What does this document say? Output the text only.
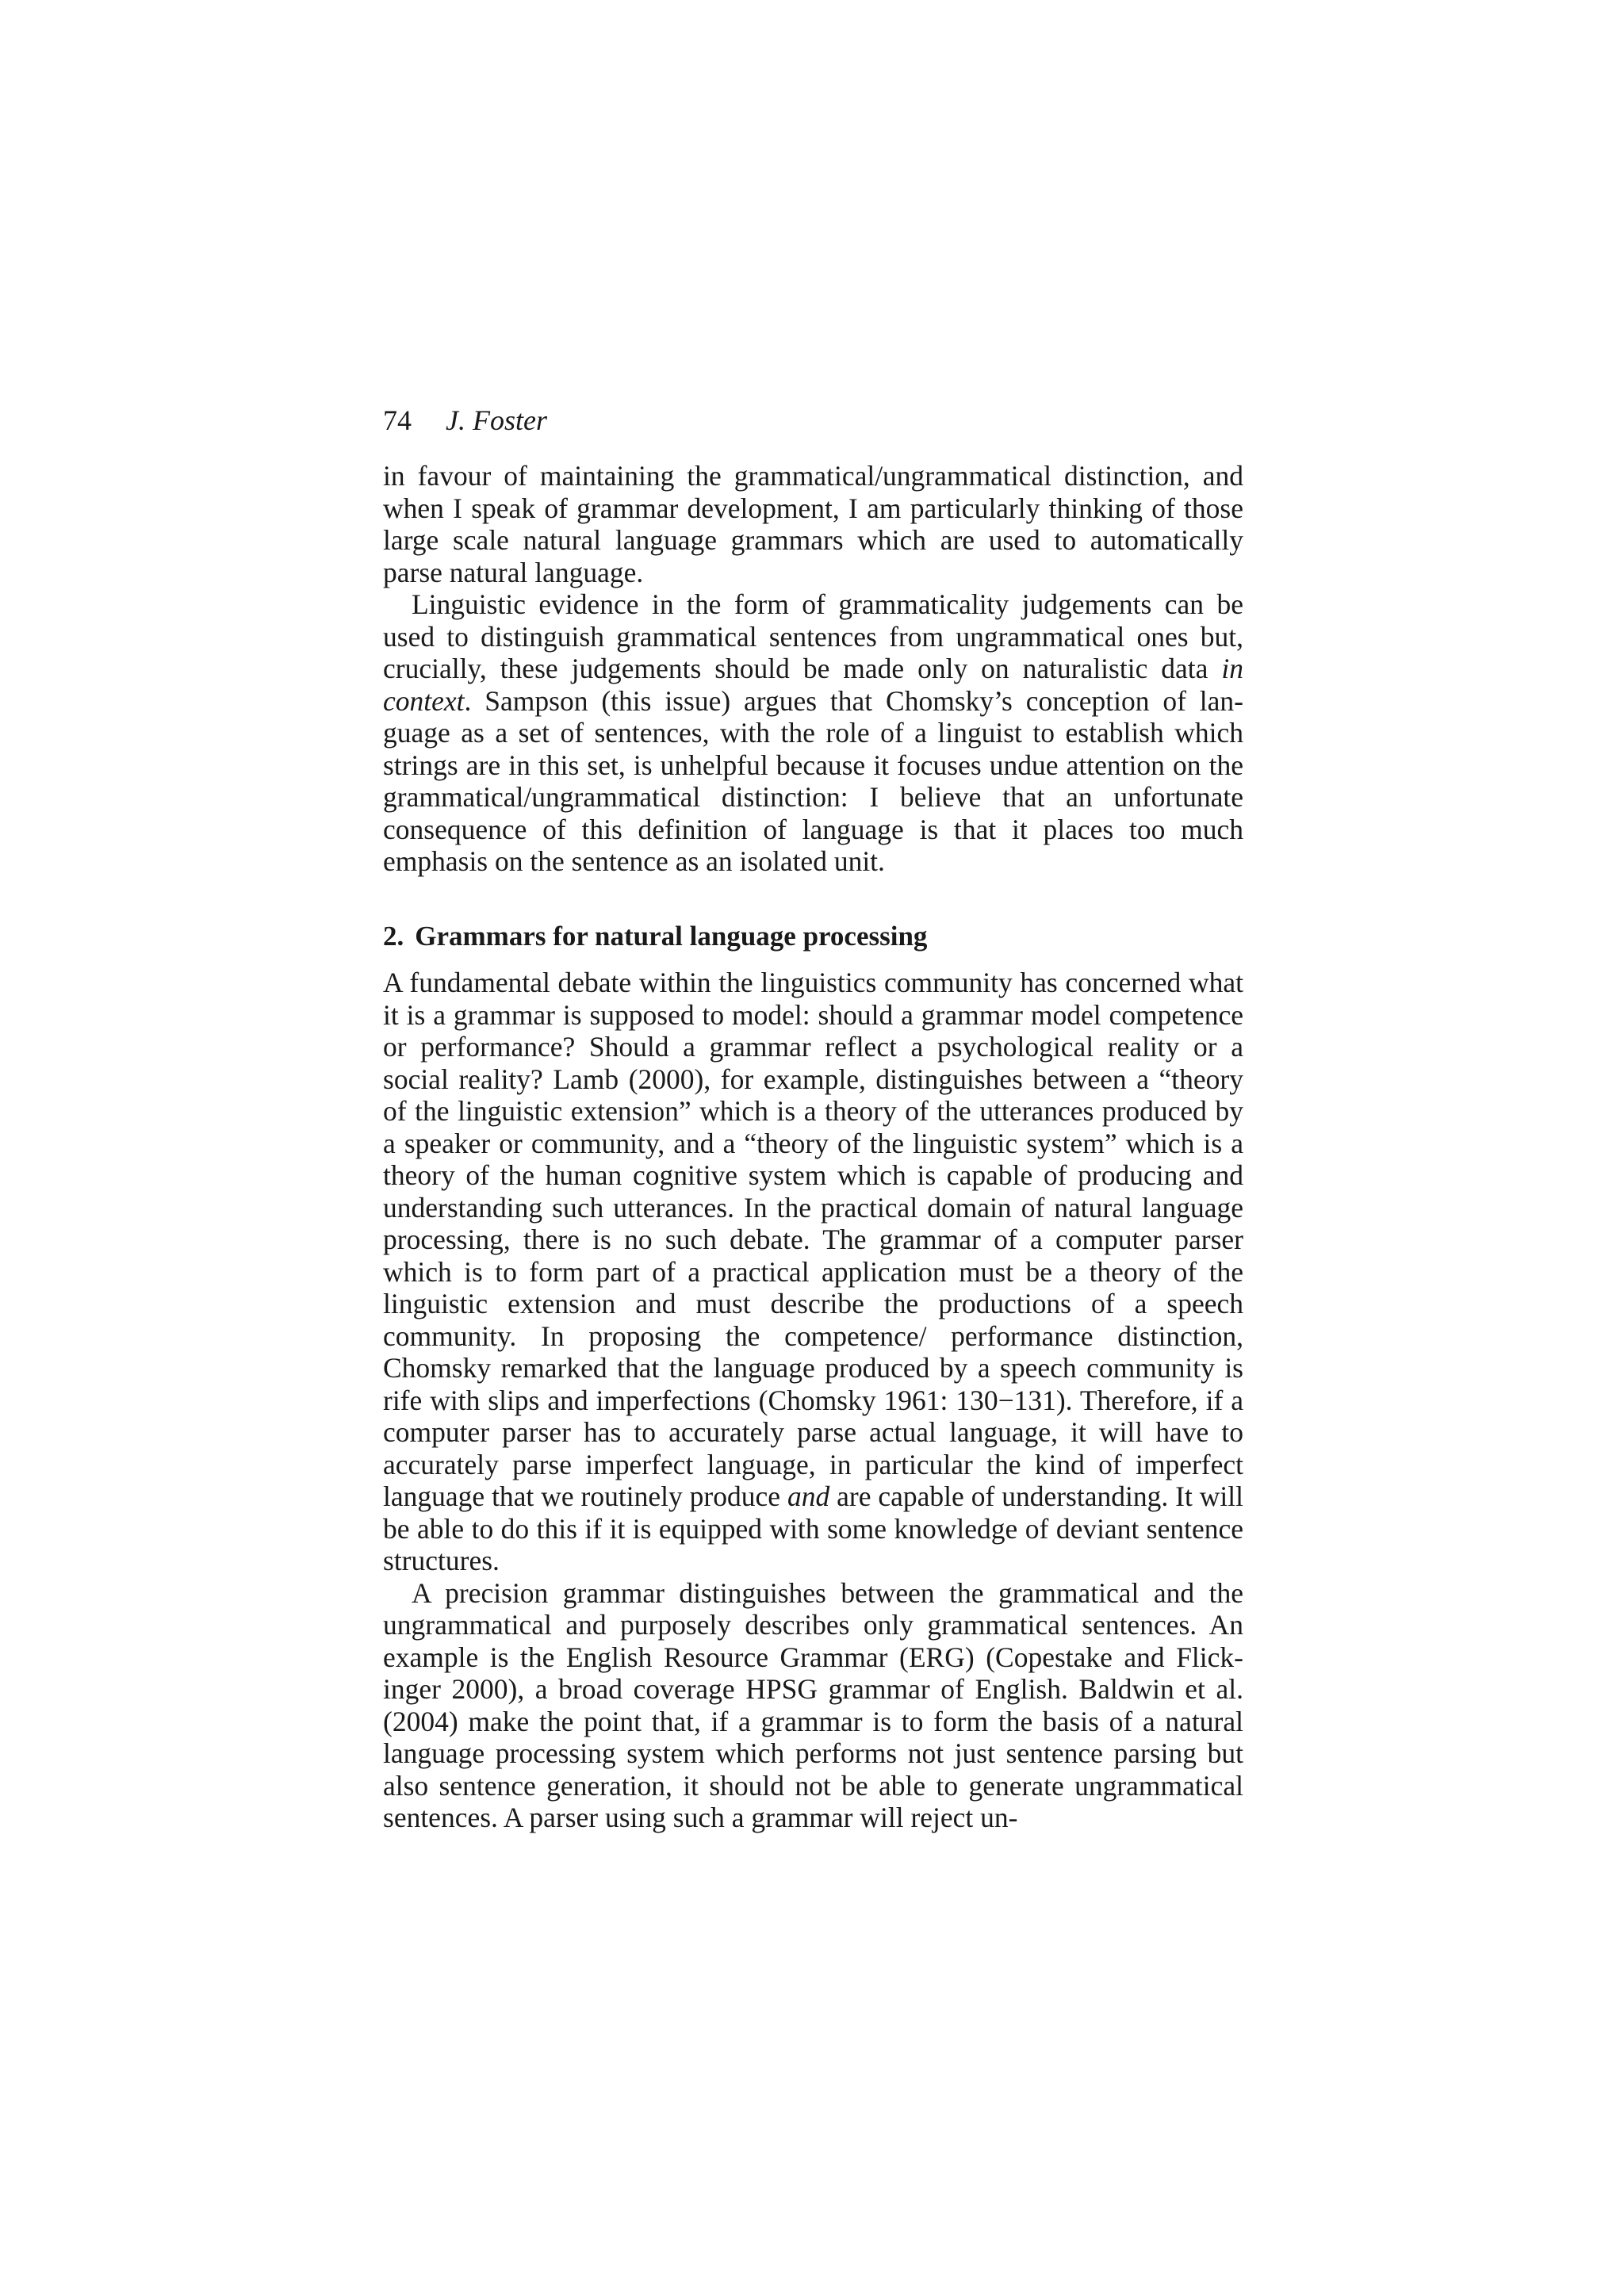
74 J. Foster

in favour of maintaining the grammatical/ungrammatical distinction, and when I speak of grammar development, I am particularly thinking of those large scale natural language grammars which are used to automatically parse natural language.

Linguistic evidence in the form of grammaticality judgements can be used to distinguish grammatical sentences from ungrammatical ones but, crucially, these judgements should be made only on naturalistic data in context. Sampson (this issue) argues that Chomsky’s conception of language as a set of sentences, with the role of a linguist to establish which strings are in this set, is unhelpful because it focuses undue attention on the grammatical/ungrammatical distinction: I believe that an unfortunate consequence of this definition of language is that it places too much emphasis on the sentence as an isolated unit.

2. Grammars for natural language processing

A fundamental debate within the linguistics community has concerned what it is a grammar is supposed to model: should a grammar model competence or performance? Should a grammar reflect a psychological reality or a social reality? Lamb (2000), for example, distinguishes between a “theory of the linguistic extension” which is a theory of the utterances produced by a speaker or community, and a “theory of the linguistic system” which is a theory of the human cognitive system which is capable of producing and understanding such utterances. In the practical domain of natural language processing, there is no such debate. The grammar of a computer parser which is to form part of a practical application must be a theory of the linguistic extension and must describe the productions of a speech community. In proposing the competence/ performance distinction, Chomsky remarked that the language produced by a speech community is rife with slips and imperfections (Chomsky 1961: 130−131). Therefore, if a computer parser has to accurately parse actual language, it will have to accurately parse imperfect language, in particular the kind of imperfect language that we routinely produce and are capable of understanding. It will be able to do this if it is equipped with some knowledge of deviant sentence structures.

A precision grammar distinguishes between the grammatical and the ungrammatical and purposely describes only grammatical sentences. An example is the English Resource Grammar (ERG) (Copestake and Flickinger 2000), a broad coverage HPSG grammar of English. Baldwin et al. (2004) make the point that, if a grammar is to form the basis of a natural language processing system which performs not just sentence parsing but also sentence generation, it should not be able to generate ungrammatical sentences. A parser using such a grammar will reject un-
